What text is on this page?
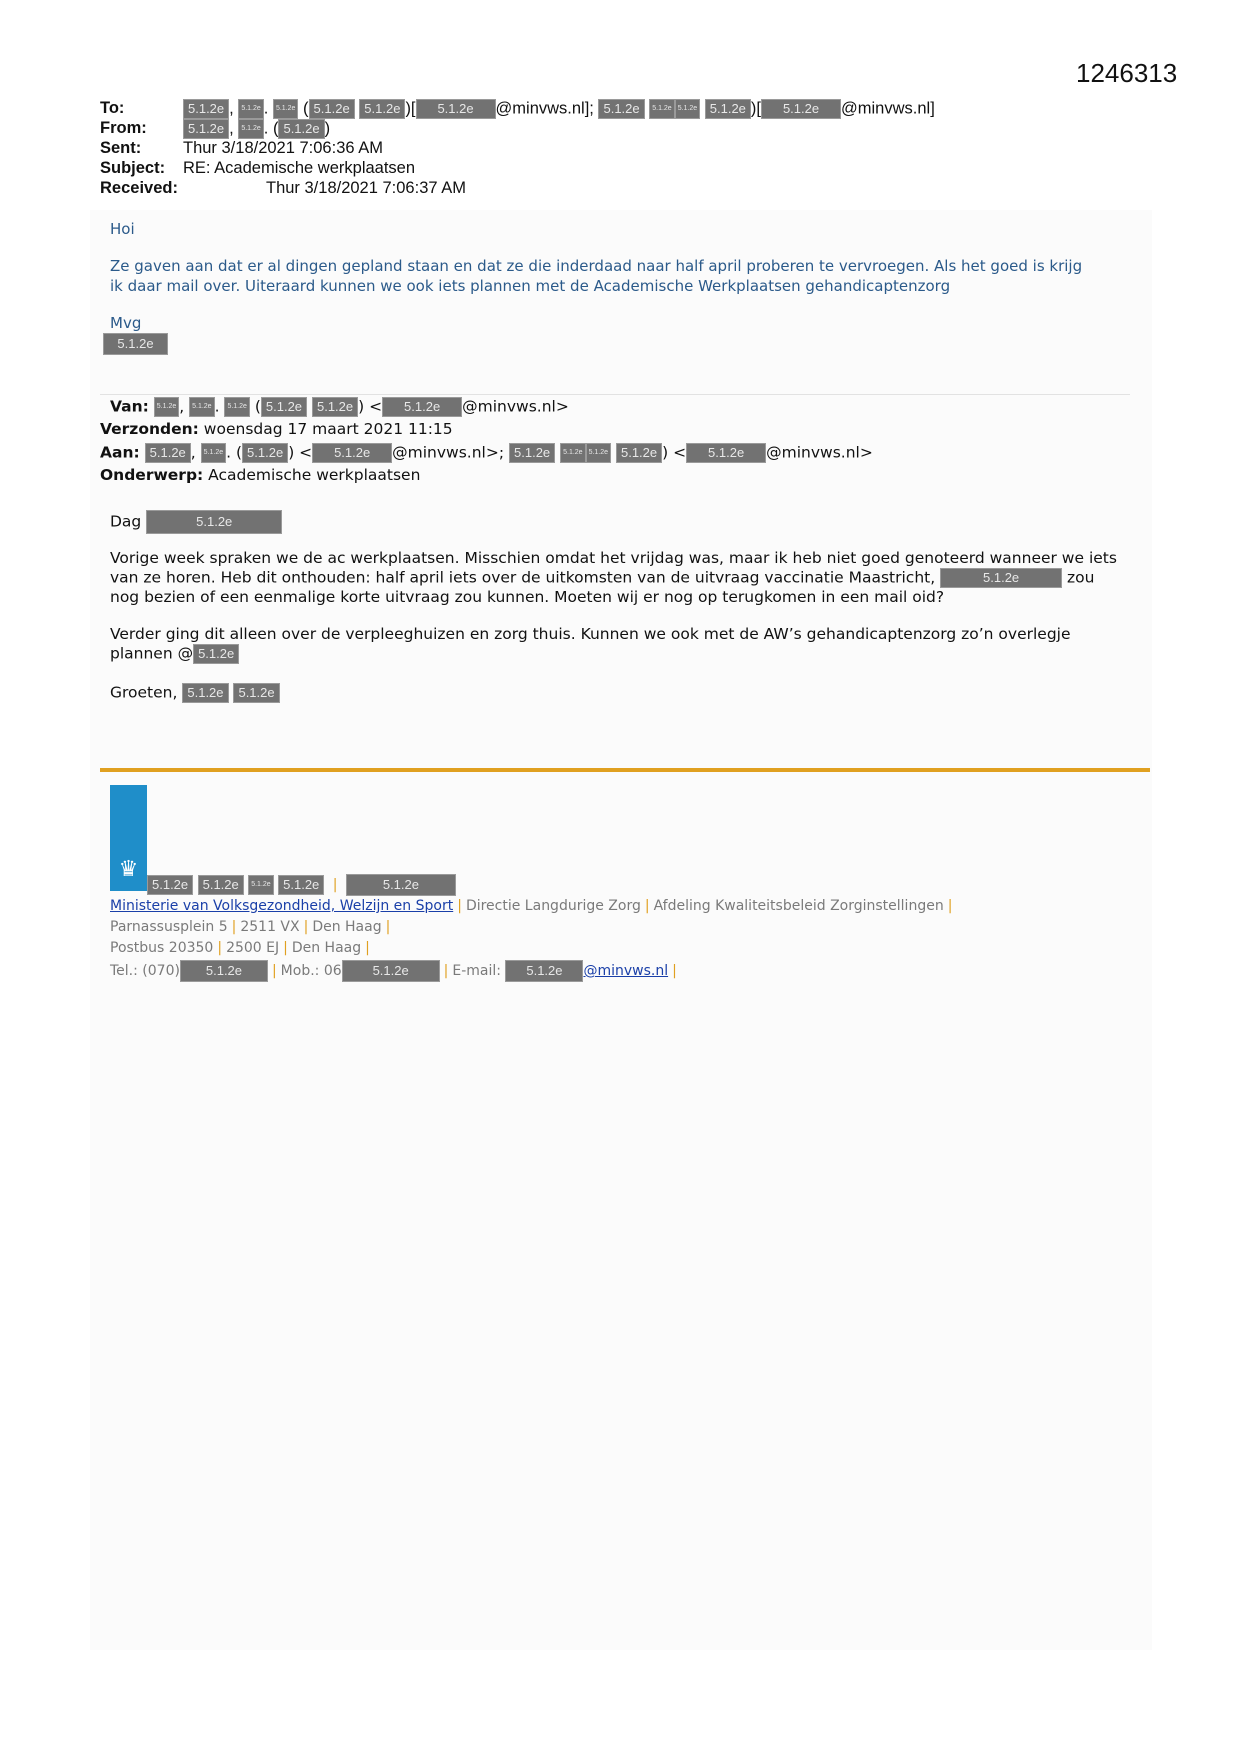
1246313
To:	5.1.2e , 5.1.2e . 5.1.2e ( 5.1.2e 5.1.2e )[ 5.1.2e @minvws.nl]; 5.1.2e 5.1.2e 5.1.2e 5.1.2e )[ 5.1.2e @minvws.nl]
From:	5.1.2e , 5.1.2e . ( 5.1.2e )
Sent:	Thur 3/18/2021 7:06:36 AM
Subject: RE: Academische werkplaatsen
Received:	Thur 3/18/2021 7:06:37 AM
Hoi
Ze gaven aan dat er al dingen gepland staan en dat ze die inderdaad naar half april proberen te vervroegen. Als het goed is krijg
ik daar mail over. Uiteraard kunnen we ook iets plannen met de Academische Werkplaatsen gehandicaptenzorg
Mvg
5.1.2e
Van: 5.1.2e , 5.1.2e . 5.1.2e ( 5.1.2e 5.1.2e ) < 5.1.2e @minvws.nl>
Verzonden: woensdag 17 maart 2021 11:15
Aan: 5.1.2e , 5.1.2e . ( 5.1.2e ) < 5.1.2e @minvws.nl>; 5.1.2e 5.1.2e 5.1.2e 5.1.2e ) < 5.1.2e @minvws.nl>
Onderwerp: Academische werkplaatsen
Dag	5.1.2e
Vorige week spraken we de ac werkplaatsen. Misschien omdat het vrijdag was, maar ik heb niet goed genoteerd wanneer we iets
van ze horen. Heb dit onthouden: half april iets over de uitkomsten van de uitvraag vaccinatie Maastricht,	5.1.2e	zou
nog bezien of een eenmalige korte uitvraag zou kunnen. Moeten wij er nog op terugkomen in een mail oid?
Verder ging dit alleen over de verpleeghuizen en zorg thuis. Kunnen we ook met de AW’s gehandicaptenzorg zo’n overlegje
plannen @ 5.1.2e
Groeten, 5.1.2e 5.1.2e
♛
5.1.2e 5.1.2e 5.1.2e 5.1.2e |	5.1.2e
Ministerie van Volksgezondheid, Welzijn en Sport | Directie Langdurige Zorg | Afdeling Kwaliteitsbeleid Zorginstellingen |
Parnassusplein 5 | 2511 VX | Den Haag |
Postbus 20350 | 2500 EJ | Den Haag |
Tel.: (070) 5.1.2e | Mob.: 06 5.1.2e | E-mail: 5.1.2e @minvws.nl |
